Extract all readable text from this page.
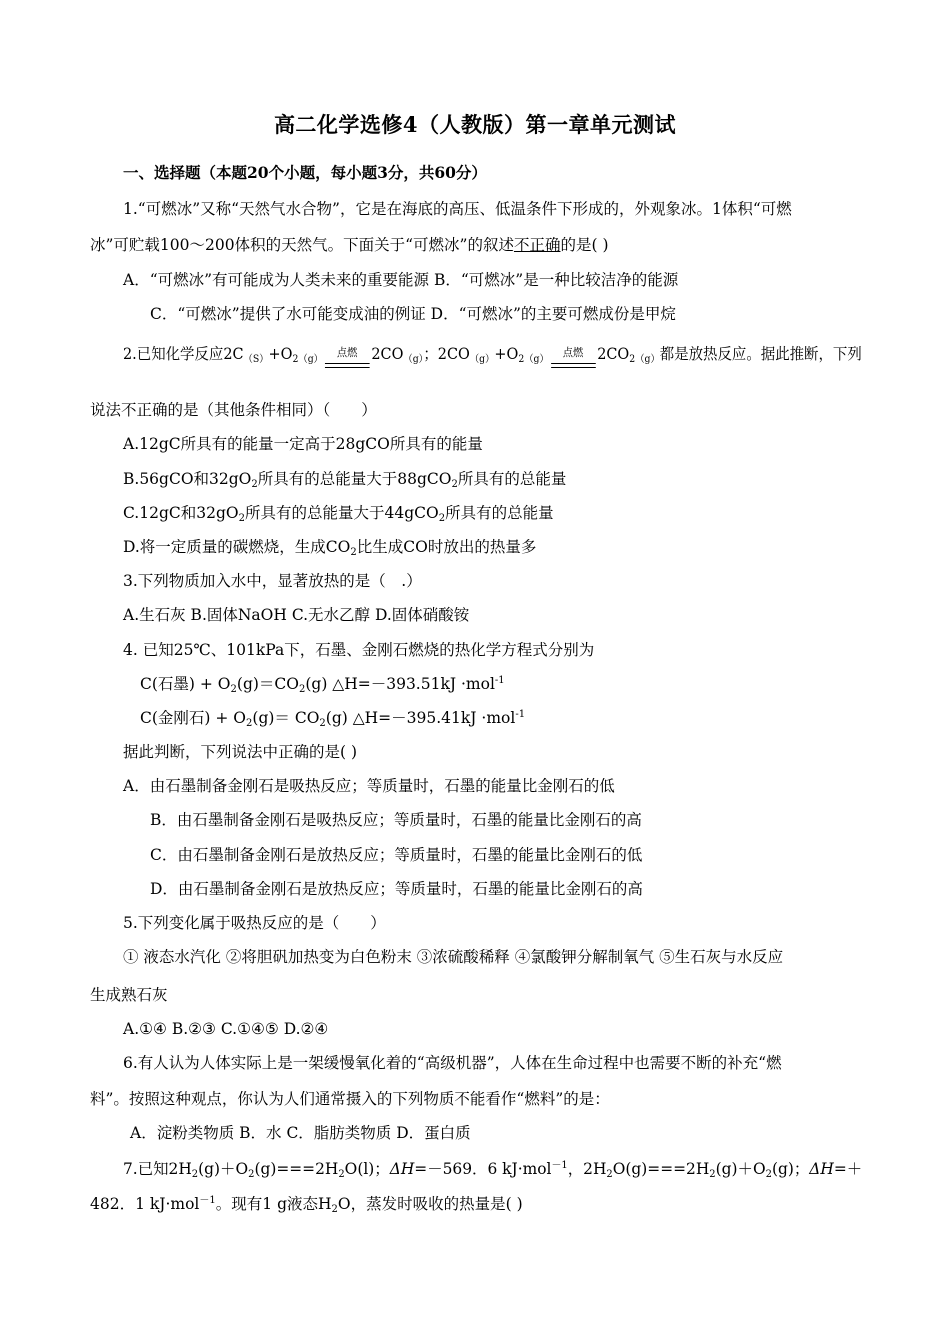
高二化学选修4（人教版）第一章单元测试
一、选择题（本题20个小题，每小题3分，共60分）
1.“可燃冰”又称“天然气水合物”，它是在海底的高压、低温条件下形成的，外观象冰。1体积“可燃
冰”可贮载100～200体积的天然气。下面关于“可燃冰”的叙述不正确的是( )
A．“可燃冰”有可能成为人类未来的重要能源 B．“可燃冰”是一种比较洁净的能源
C．“可燃冰”提供了水可能变成油的例证 D．“可燃冰”的主要可燃成份是甲烷
2.已知化学反应$2C(S)+O_2(g)$
点燃 2CO（g）；$2CO(g)+O_2(g)$
点燃 $2CO_2(g)$都是放热反应。据此推断，下列
说法不正确的是（其他条件相同）（　　）
A.12gC所具有的能量一定高于28gCO所具有的能量
B.56gCO和$32gO_2$所具有的总能量大于88gCO$_2$所具有的总能量
C.12gC和$32gO_2$所具有的总能量大于44gCO$_2$所具有的总能量
D.将一定质量的碳燃烧，生成$CO_2$比生成CO时放出的热量多
3.下列物质加入水中，显著放热的是（　.）
A.生石灰 B.固体NaOH C.无水乙醇 D.固体硝酸铵
4. 已知25℃、101kPa下，石墨、金刚石燃烧的热化学方程式分别为
C(石墨) + $O_2(g)=CO_2(g)$ △H=－393.51kJ ·mol$^{-1}$
C(金刚石) + $O_2(g)= CO_2(g)$ △H=－395.41kJ ·mol$^{-1}$
据此判断，下列说法中正确的是( )
A．由石墨制备金刚石是吸热反应；等质量时，石墨的能量比金刚石的低
B．由石墨制备金刚石是吸热反应；等质量时，石墨的能量比金刚石的高
C．由石墨制备金刚石是放热反应；等质量时，石墨的能量比金刚石的低
D．由石墨制备金刚石是放热反应；等质量时，石墨的能量比金刚石的高
5.下列变化属于吸热反应的是（　　）
① 液态水汽化 ②将胆矾加热变为白色粉末 ③浓硫酸稀释 ④氯酸钾分解制氧气 ⑤生石灰与水反应
生成熟石灰
A.①④ B.②③ C.①④⑤ D.②④
6.有人认为人体实际上是一架缓慢氧化着的“高级机器”，人体在生命过程中也需要不断的补充“燃
料”。按照这种观点，你认为人们通常摄入的下列物质不能看作“燃料”的是：
A．淀粉类物质 B．水 C．脂肪类物质 D．蛋白质
7.已知$2H_2(g)+O_2(g)===2H_2O(l)$；ΔH=－569．6 kJ·mol$^{-1}$，$2H_2O(g)===2H_2(g)+O_2(g)$；ΔH=＋
482．1 kJ·mol$^{-1}$。现有1 g液态$H_2O$，蒸发时吸收的热量是( )
